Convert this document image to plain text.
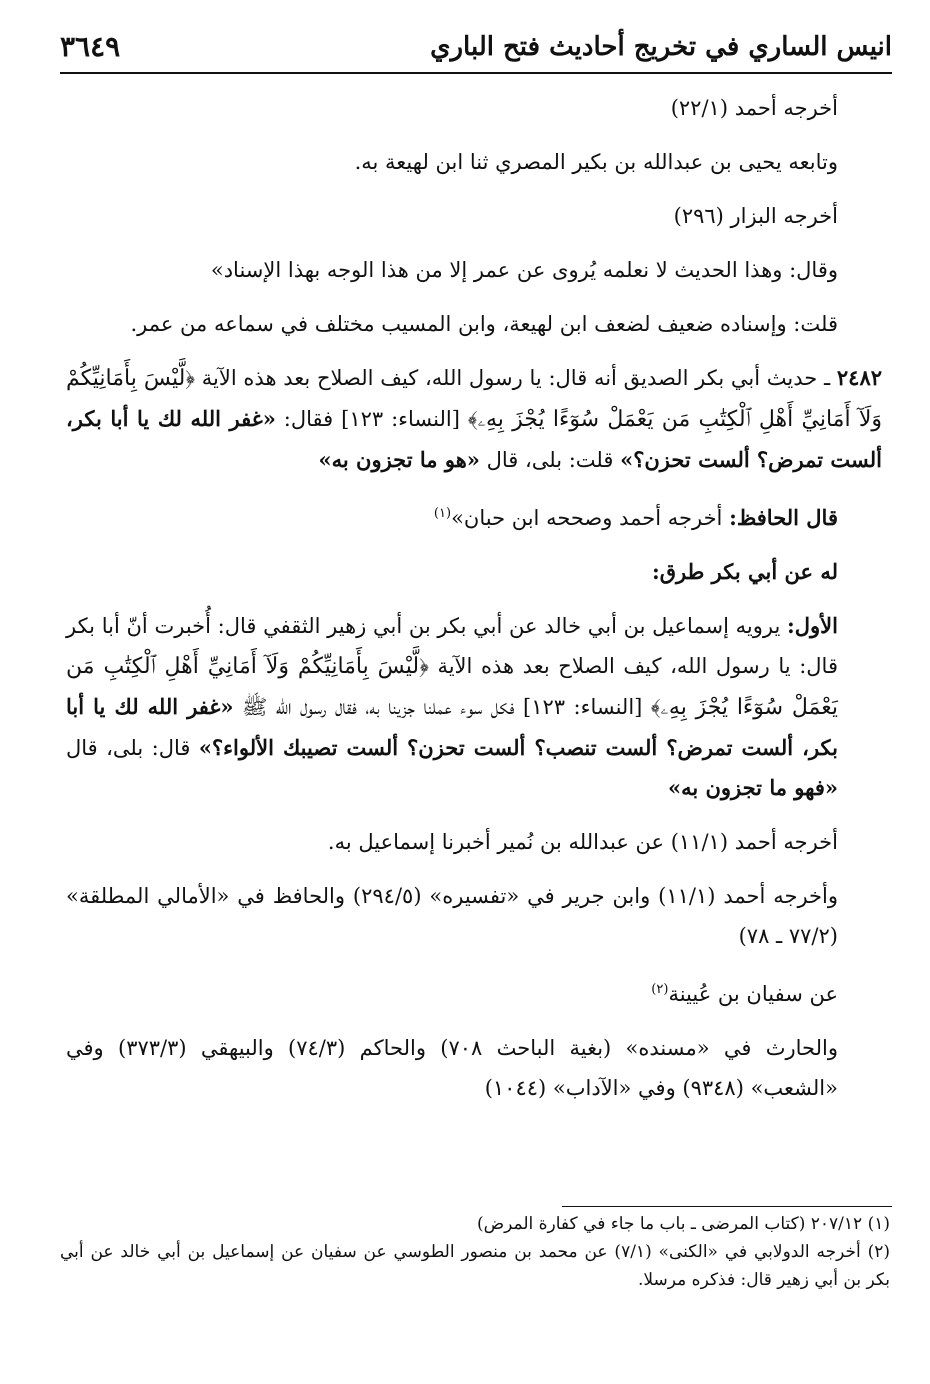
انيس الساري في تخريج أحاديث فتح الباري
٣٦٤٩

أخرجه أحمد (٢٢/١)

وتابعه يحيى بن عبدالله بن بكير المصري ثنا ابن لهيعة به.

أخرجه البزار (٢٩٦)

وقال: وهذا الحديث لا نعلمه يُروى عن عمر إلا من هذا الوجه بهذا الإسناد»

قلت: وإسناده ضعيف لضعف ابن لهيعة، وابن المسيب مختلف في سماعه من عمر.

٢٤٨٢ ـ حديث أبي بكر الصديق أنه قال: يا رسول الله، كيف الصلاح بعد هذه الآية ﴿لَّيْسَ بِأَمَانِيِّكُمْ وَلَآ أَمَانِيِّ أَهْلِ ٱلْكِتَٰبِ مَن يَعْمَلْ سُوٓءًا يُجْزَ بِهِۦ﴾ [النساء: ١٢٣] فقال: «غفر الله لك يا أبا بكر، ألست تمرض؟ ألست تحزن؟» قلت: بلى، قال «هو ما تجزون به»

قال الحافظ: أخرجه أحمد وصححه ابن حبان»$^{(١)}$

له عن أبي بكر طرق:

الأول: يرويه إسماعيل بن أبي خالد عن أبي بكر بن أبي زهير الثقفي قال: أُخبرت أنّ أبا بكر قال: يا رسول الله، كيف الصلاح بعد هذه الآية ﴿لَّيْسَ بِأَمَانِيِّكُمْ وَلَآ أَمَانِيِّ أَهْلِ ٱلْكِتَٰبِ مَن يَعْمَلْ سُوٓءًا يُجْزَ بِهِۦ﴾ [النساء: ١٢٣] فكل سوء عملنا جزينا به، فقال رسول الله ﷺ «غفر الله لك يا أبا بكر، ألست تمرض؟ ألست تنصب؟ ألست تحزن؟ ألست تصيبك الألواء؟» قال: بلى، قال «فهو ما تجزون به»

أخرجه أحمد (١١/١) عن عبدالله بن نُمير أخبرنا إسماعيل به.

وأخرجه أحمد (١١/١) وابن جرير في «تفسيره» (٢٩٤/٥) والحافظ في «الأمالي المطلقة» (٧٧/٢ ـ ٧٨)

عن سفيان بن عُيينة$^{(٢)}$

والحارث في «مسنده» (بغية الباحث ٧٠٨) والحاكم (٧٤/٣) والبيهقي (٣٧٣/٣) وفي «الشعب» (٩٣٤٨) وفي «الآداب» (١٠٤٤)

(١) ٢٠٧/١٢ (كتاب المرضى ـ باب ما جاء في كفارة المرض)

(٢) أخرجه الدولابي في «الكنى» (٧/١) عن محمد بن منصور الطوسي عن سفيان عن إسماعيل بن أبي خالد عن أبي بكر بن أبي زهير قال: فذكره مرسلا.
